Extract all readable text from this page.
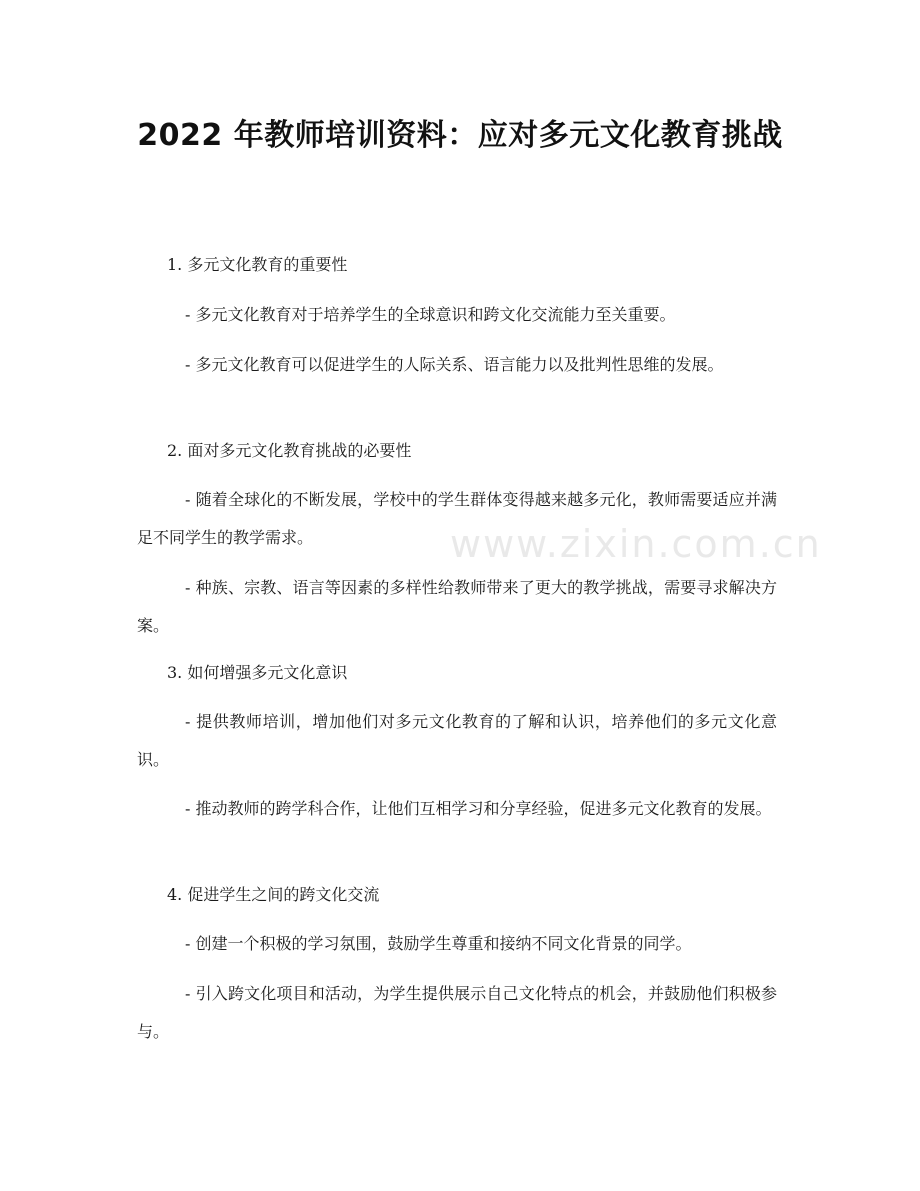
www.zixin.com.cn
2022 年教师培训资料：应对多元文化教育挑战

1. 多元文化教育的重要性

- 多元文化教育对于培养学生的全球意识和跨文化交流能力至关重要。

- 多元文化教育可以促进学生的人际关系、语言能力以及批判性思维的发展。

2. 面对多元文化教育挑战的必要性

- 随着全球化的不断发展，学校中的学生群体变得越来越多元化，教师需要适应并满足不同学生的教学需求。

- 种族、宗教、语言等因素的多样性给教师带来了更大的教学挑战，需要寻求解决方案。

3. 如何增强多元文化意识

- 提供教师培训，增加他们对多元文化教育的了解和认识，培养他们的多元文化意识。

- 推动教师的跨学科合作，让他们互相学习和分享经验，促进多元文化教育的发展。

4. 促进学生之间的跨文化交流

- 创建一个积极的学习氛围，鼓励学生尊重和接纳不同文化背景的同学。

- 引入跨文化项目和活动，为学生提供展示自己文化特点的机会，并鼓励他们积极参与。
